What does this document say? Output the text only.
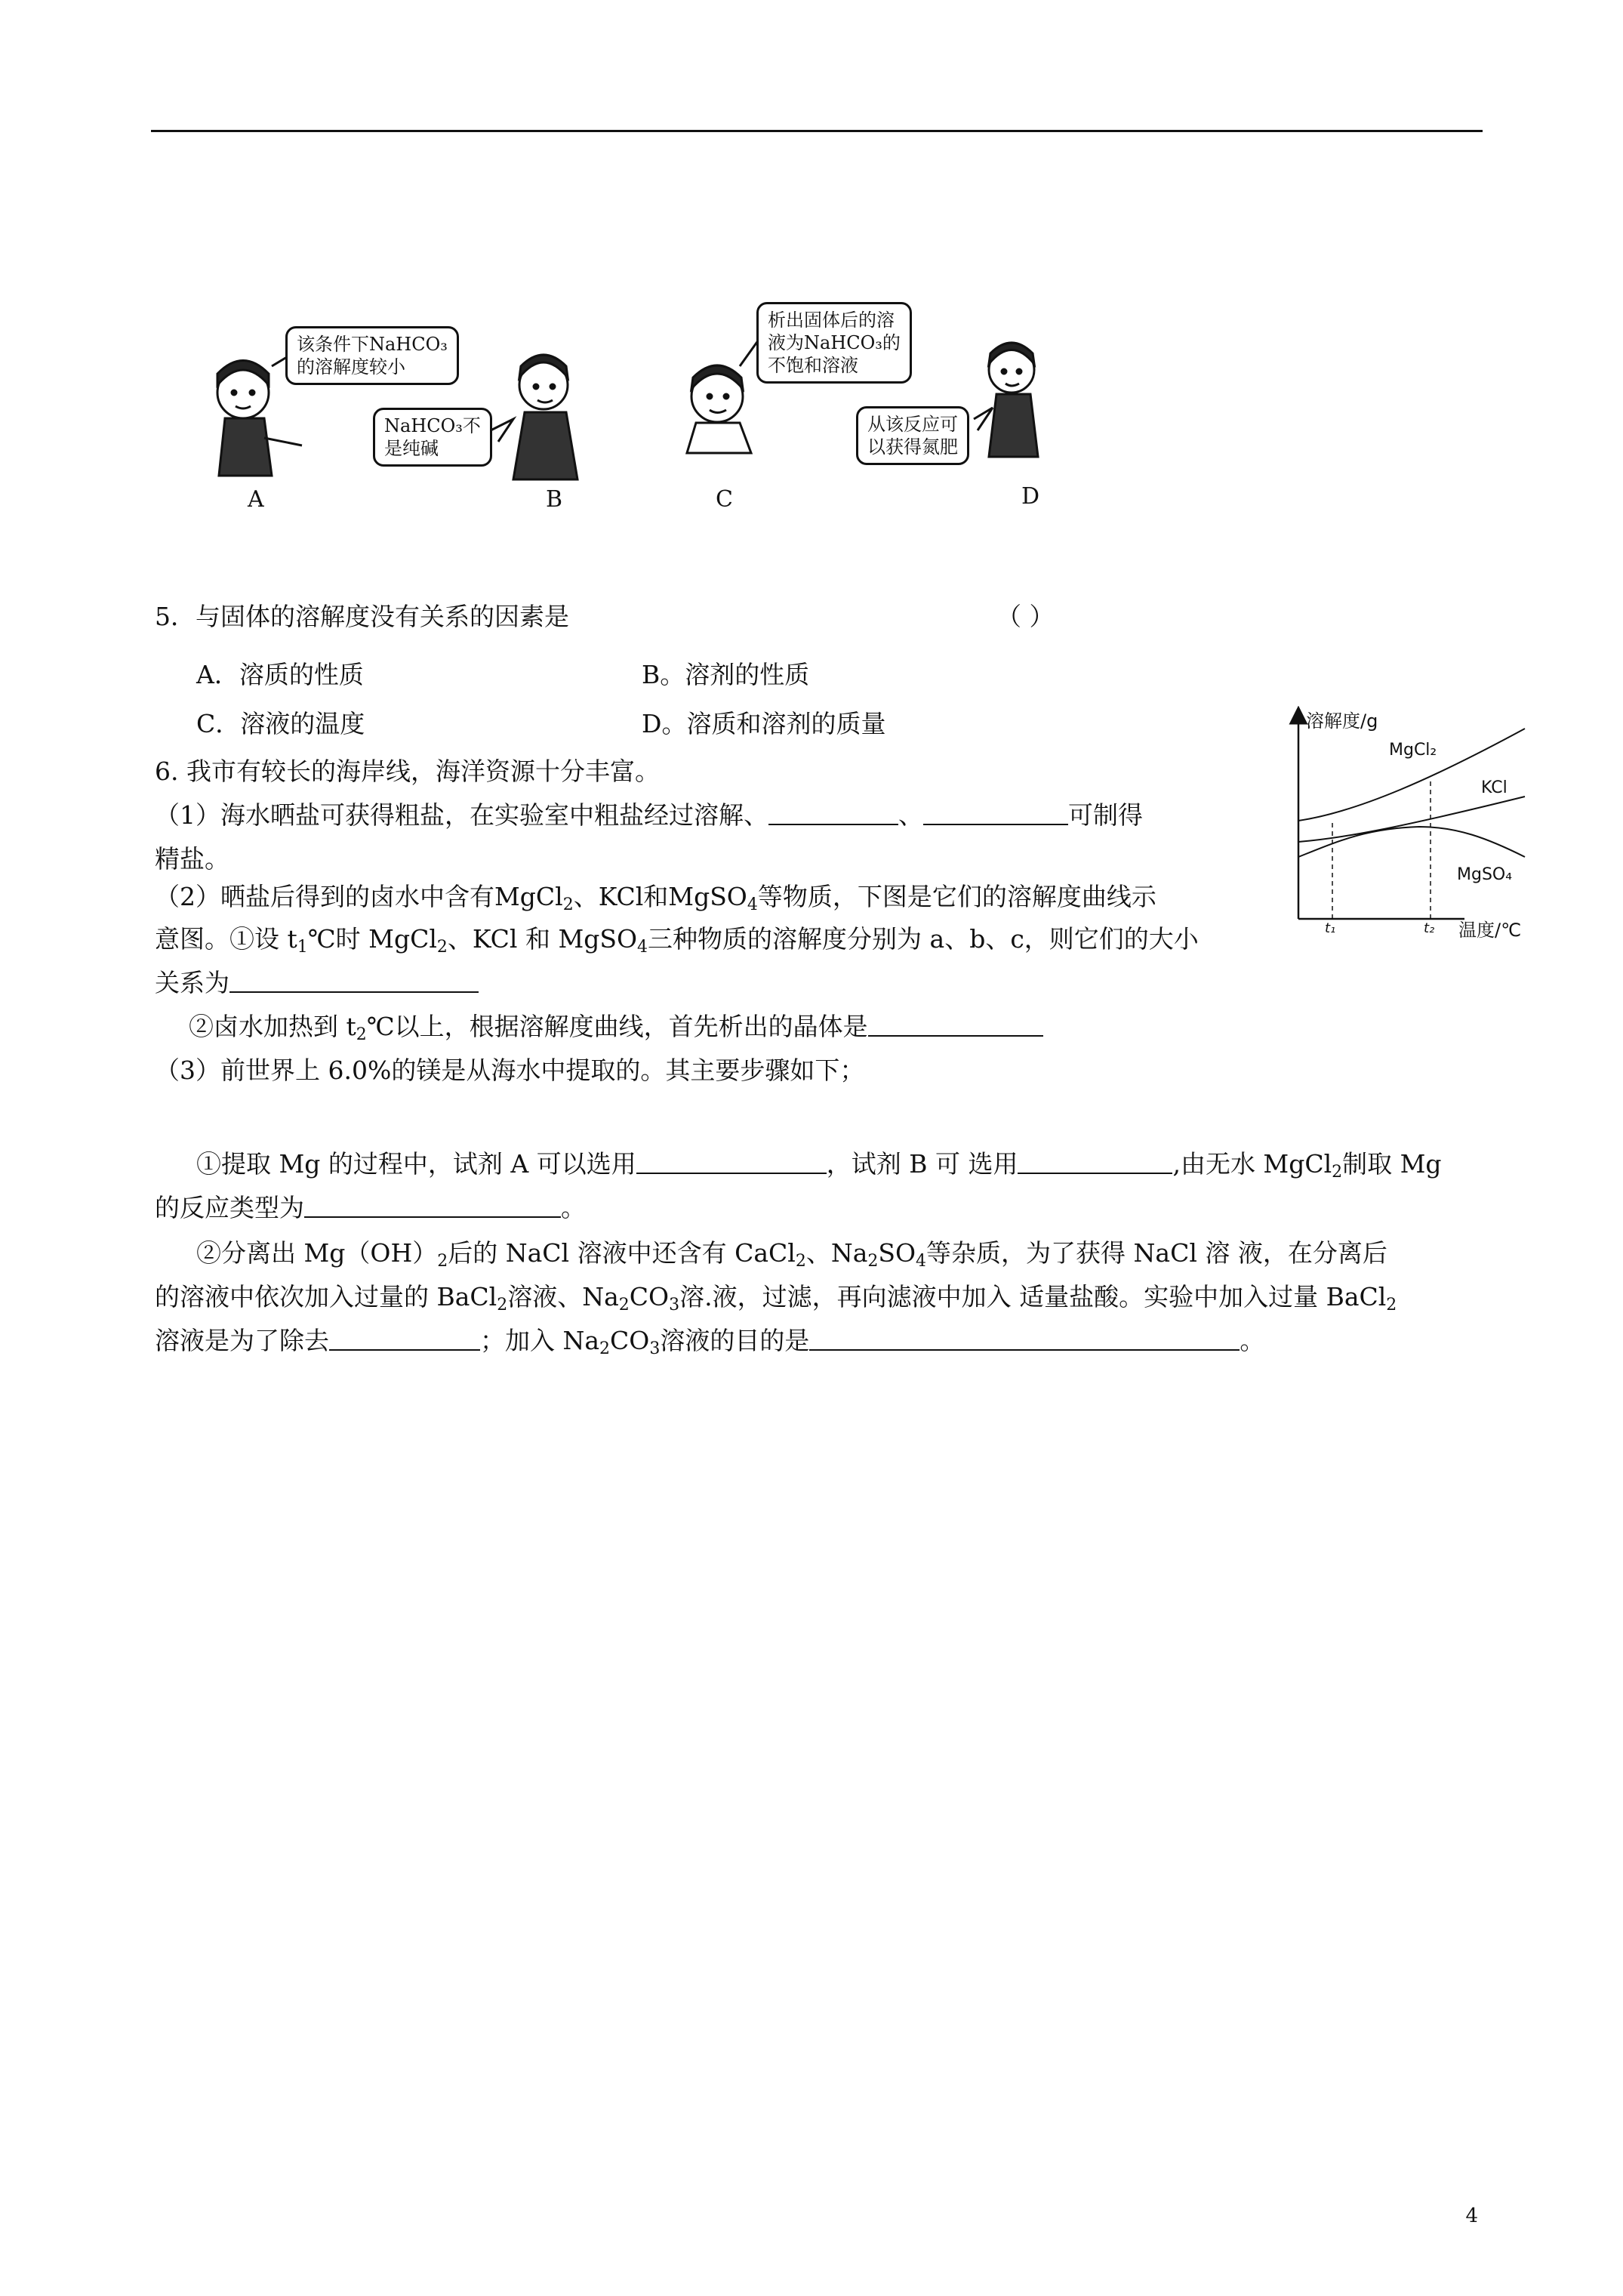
该条件下NaHCO₃
的溶解度较小
NaHCO₃不
是纯碱
析出固体后的溶
液为NaHCO₃的
不饱和溶液
从该反应可
以获得氮肥
A	B	C	D
5．与固体的溶解度没有关系的因素是	（ ）
A．溶质的性质	B。溶剂的性质
C．溶液的温度	D。溶质和溶剂的质量
6. 我市有较长的海岸线，海洋资源十分丰富。
（1）海水晒盐可获得粗盐，在实验室中粗盐经过溶解、	、	可制得
精盐。
（2）晒盐后得到的卤水中含有MgCl$_2$、KCl和MgSO$_4$等物质，下图是它们的溶解度曲线示
意图。①设 $t_1℃$时 MgCl$_2$、KCl 和 MgSO$_4$三种物质的溶解度分别为 a、b、c，则它们的大小
关系为
②卤水加热到 $t_2℃$以上，根据溶解度曲线，首先析出的晶体是
（3）前世界上 6.0%的镁是从海水中提取的。其主要步骤如下；
①提取 Mg 的过程中，试剂 A 可以选用	，试剂 B 可 选用	,由无水 MgCl$_2$制取 Mg
的反应类型为	。
②分离出 $Mg(OH)_2$后的 NaCl 溶液中还含有 CaCl$_2$、$Na_2SO_4$等杂质，为了获得 NaCl 溶 液，在分离后
的溶液中依次加入过量的 BaCl$_2$溶液、$Na_2CO_3$溶.液，过滤，再向滤液中加入 适量盐酸。实验中加入过量 BaCl$_2$
溶液是为了除去	；加入 $Na_2CO_3$溶液的目的是	。
溶解度/g
温度/℃
t₁	t₂
MgCl₂
KCl
MgSO₄
4
